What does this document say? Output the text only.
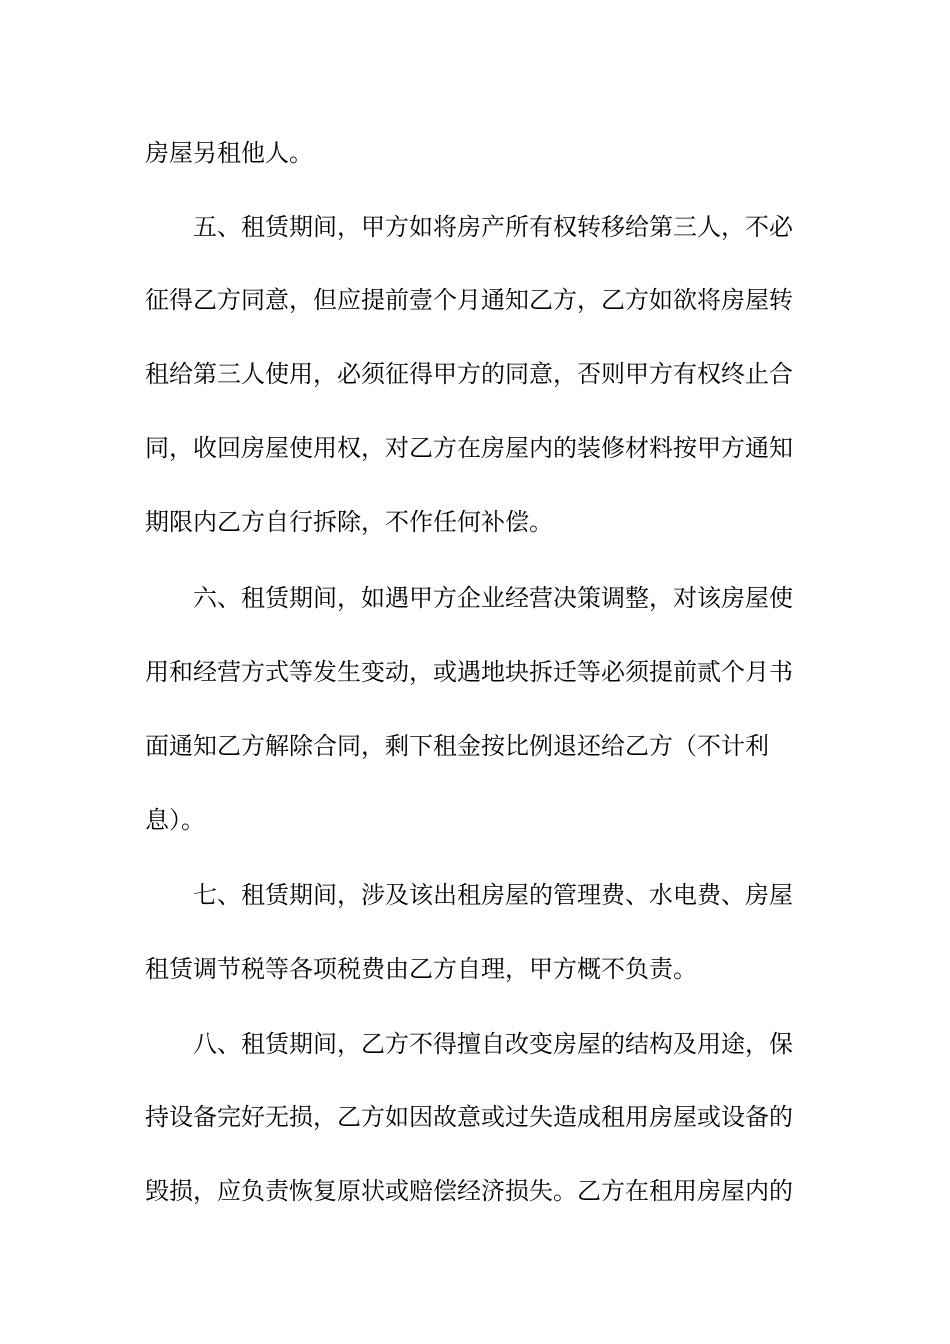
房屋另租他人。
五、租赁期间，甲方如将房产所有权转移给第三人，不必
征得乙方同意，但应提前壹个月通知乙方，乙方如欲将房屋转
租给第三人使用，必须征得甲方的同意，否则甲方有权终止合
同，收回房屋使用权，对乙方在房屋内的装修材料按甲方通知
期限内乙方自行拆除，不作任何补偿。
六、租赁期间，如遇甲方企业经营决策调整，对该房屋使
用和经营方式等发生变动，或遇地块拆迁等必须提前贰个月书
面通知乙方解除合同，剩下租金按比例退还给乙方（不计利
息）。
七、租赁期间，涉及该出租房屋的管理费、水电费、房屋
租赁调节税等各项税费由乙方自理，甲方概不负责。
八、租赁期间，乙方不得擅自改变房屋的结构及用途，保
持设备完好无损，乙方如因故意或过失造成租用房屋或设备的
毁损，应负责恢复原状或赔偿经济损失。乙方在租用房屋内的
